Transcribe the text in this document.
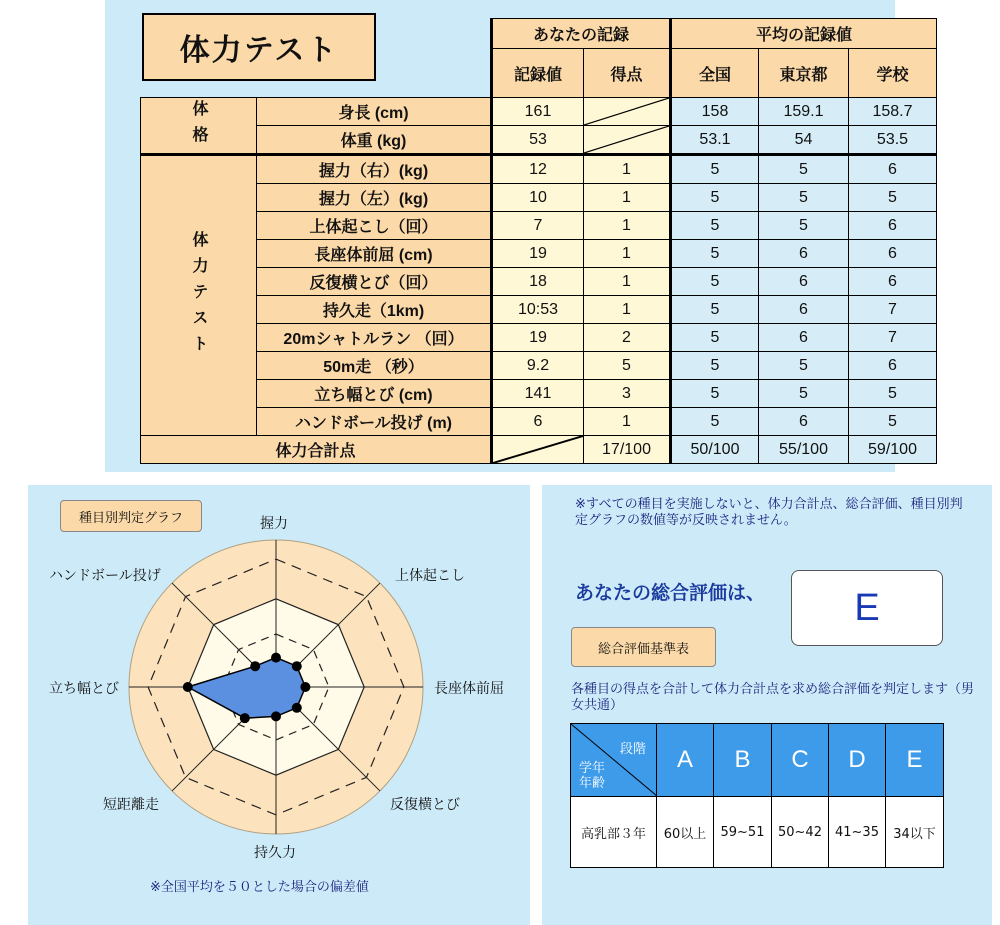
		あなたの記録		平均の記録値		
		記録値	得点	全国	東京都	学校
体格	身長 (cm)	161		158	159.1	158.7
	体重 (kg)	53		53.1	54	53.5
体力テスト	握力（右）(kg)	12	1	5	5	6
	握力（左）(kg)	10	1	5	5	5
	上体起こし（回）	7	1	5	5	6
	長座体前屈 (cm)	19	1	5	6	6
	反復横とび（回）	18	1	5	6	6
	持久走（1km)	10:53	1	5	6	7
	20mシャトルラン （回）	19	2	5	6	7
	50m走 （秒）	9.2	5	5	5	6
	立ち幅とび (cm)	141	3	5	5	5
	ハンドボール投げ (m)	6	1	5	6	5
体力合計点			17/100	50/100	55/100	59/100
体力テスト
種目別判定グラフ	握力
上体起こし
長座体前屈
反復横とび
持久力
短距離走
立ち幅とび
ハンドボール投げ
※全国平均を５０とした場合の偏差値
※すべての種目を実施しないと、体力合計点、総合評価、種目別判定グラフの数値等が反映されません。
あなたの総合評価は、	E
総合評価基準表
各種目の得点を合計して体力合計点を求め総合評価を判定します（男女共通）
段階
学年
年齢	A	B	C	D	E
高乳部３年	60以上	59~51	50~42	41~35	34以下
